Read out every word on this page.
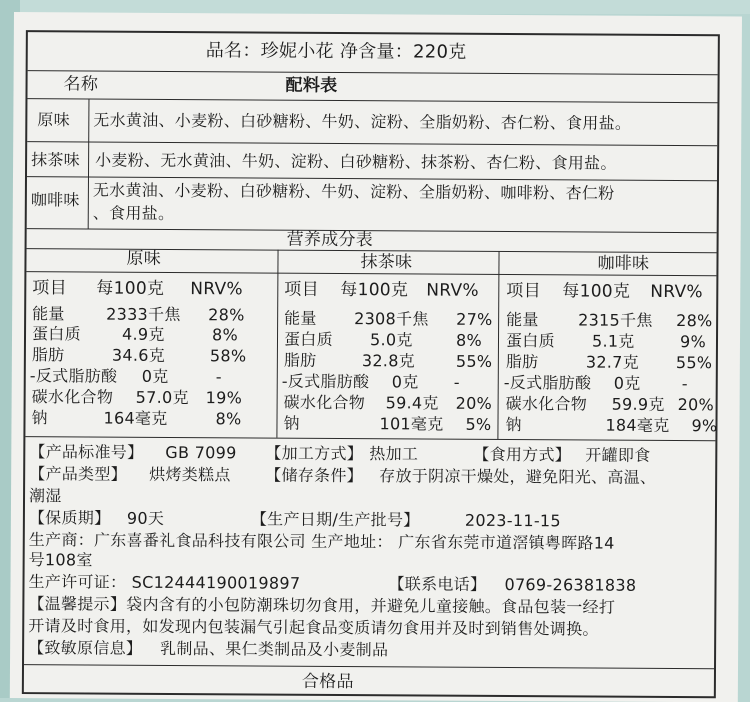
品名：珍妮小花 净含量：220克
名称	配料表
原味 无水黄油、小麦粉、白砂糖粉、牛奶、淀粉、全脂奶粉、杏仁粉、食用盐。
抹茶味 小麦粉、无水黄油、牛奶、淀粉、白砂糖粉、抹茶粉、杏仁粉、食用盐。
咖啡味 无水黄油、小麦粉、白砂糖粉、牛奶、淀粉、全脂奶粉、咖啡粉、杏仁粉
、食用盐。
营养成分表
原味	抹茶味	咖啡味
项目 每100克 NRV%
能量	2333千焦 28%
蛋白质	4.9克	8%
脂肪	34.6克	58%
-反式脂肪酸 0克	-
碳水化合物 57.0克 19%
钠	164毫克	8%
项目 每100克 NRV%
能量 2308千焦 27%
蛋白质 5.0克	8%
脂肪	32.8克	55%
-反式脂肪酸 0克 -
碳水化合物 59.4克 20%
钠	101毫克 5%
项目 每100克 NRV%
能量 2315千焦 28%
蛋白质 5.1克	9%
脂肪	32.7克 55%
-反式脂肪酸 0克	-
碳水化合物 59.9克 20%
钠	184毫克 9%
【产品标准号】 GB 7099 【加工方式】 热加工	【食用方式】 开罐即食
【产品类型】 烘烤类糕点 【储存条件】 存放于阴凉干燥处，避免阳光、高温、
潮湿
【保质期】 90天	【生产日期/生产批号】	2023-11-15
生产商：广东喜番礼食品科技有限公司 生产地址： 广东省东莞市道滘镇粤晖路14
号108室
生产许可证： SC12444190019897	【联系电话】 0769-26381838
【温馨提示】袋内含有的小包防潮珠切勿食用，并避免儿童接触。食品包装一经打
开请及时食用，如发现内包装漏气引起食品变质请勿食用并及时到销售处调换。
【致敏原信息】 乳制品、果仁类制品及小麦制品
合格品
